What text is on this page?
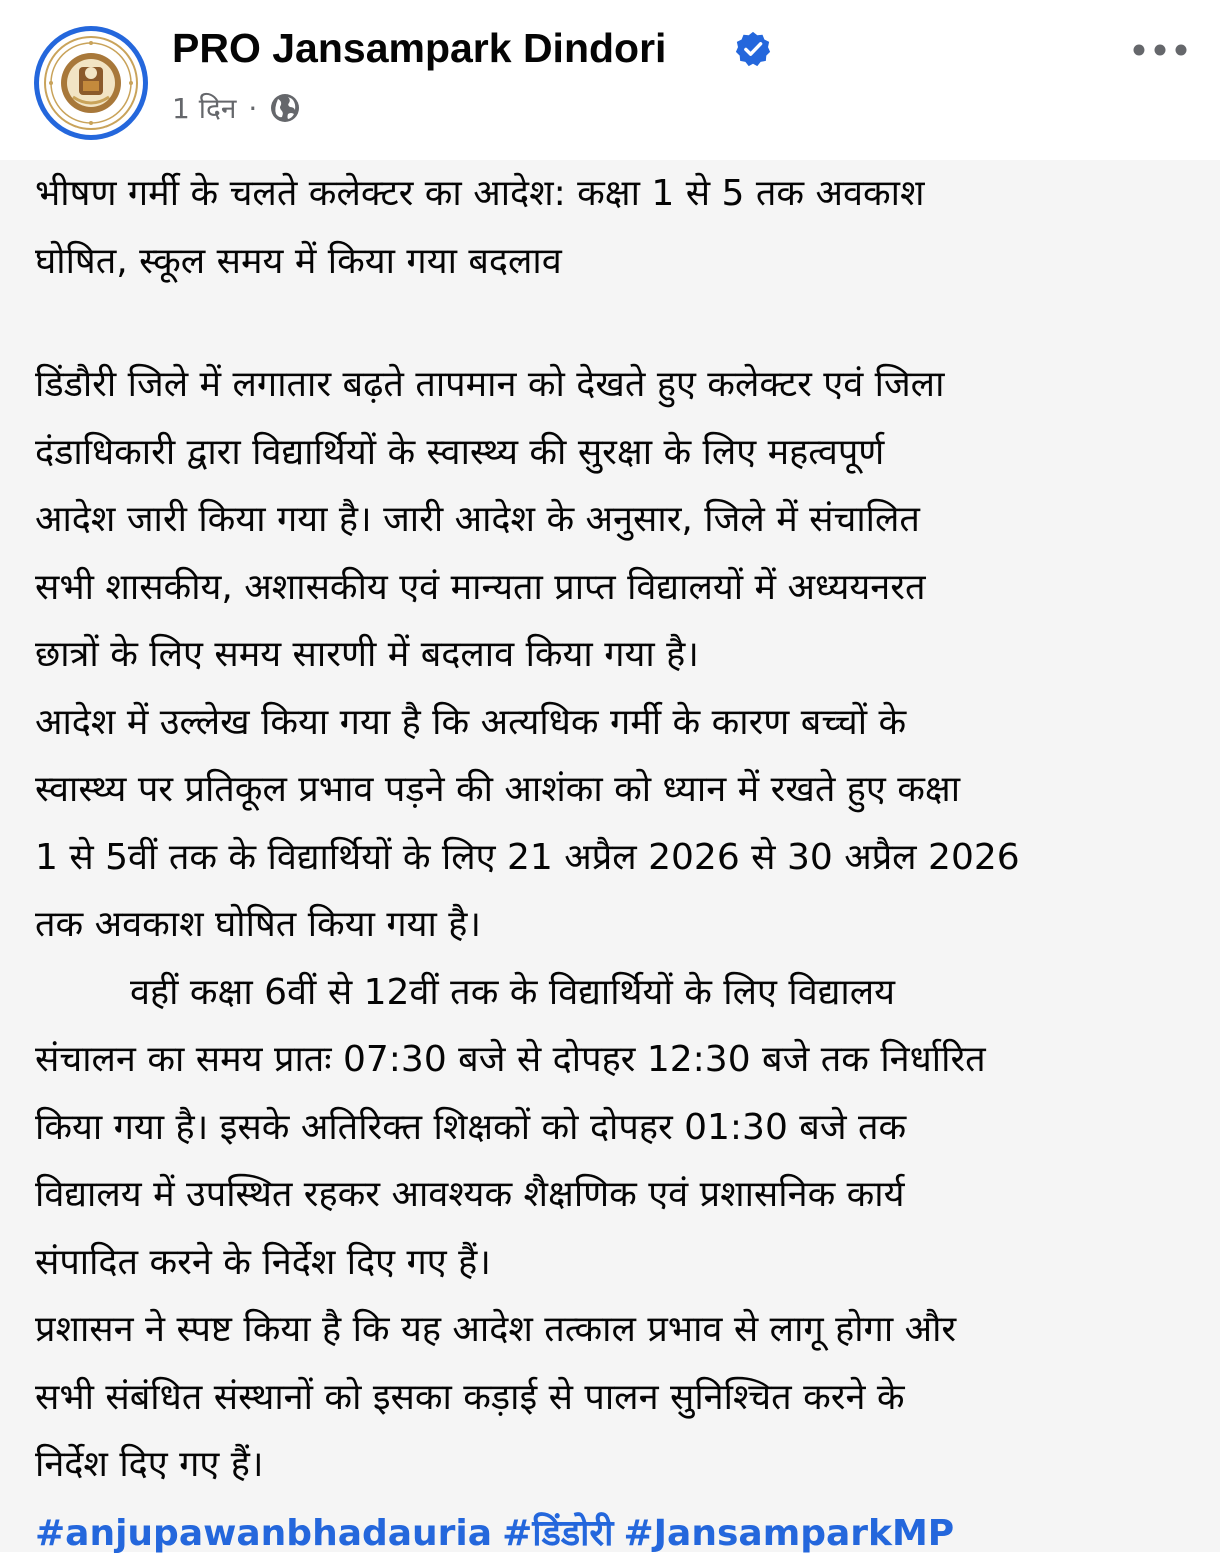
PRO Jansampark Dindori
1 दिन ·
भीषण गर्मी के चलते कलेक्टर का आदेश: कक्षा 1 से 5 तक अवकाश
घोषित, स्कूल समय में किया गया बदलाव
डिंडौरी जिले में लगातार बढ़ते तापमान को देखते हुए कलेक्टर एवं जिला
दंडाधिकारी द्वारा विद्यार्थियों के स्वास्थ्य की सुरक्षा के लिए महत्वपूर्ण
आदेश जारी किया गया है। जारी आदेश के अनुसार, जिले में संचालित
सभी शासकीय, अशासकीय एवं मान्यता प्राप्त विद्यालयों में अध्ययनरत
छात्रों के लिए समय सारणी में बदलाव किया गया है।
आदेश में उल्लेख किया गया है कि अत्यधिक गर्मी के कारण बच्चों के
स्वास्थ्य पर प्रतिकूल प्रभाव पड़ने की आशंका को ध्यान में रखते हुए कक्षा
1 से 5वीं तक के विद्यार्थियों के लिए 21 अप्रैल 2026 से 30 अप्रैल 2026
तक अवकाश घोषित किया गया है।
वहीं कक्षा 6वीं से 12वीं तक के विद्यार्थियों के लिए विद्यालय
संचालन का समय प्रातः 07:30 बजे से दोपहर 12:30 बजे तक निर्धारित
किया गया है। इसके अतिरिक्त शिक्षकों को दोपहर 01:30 बजे तक
विद्यालय में उपस्थित रहकर आवश्यक शैक्षणिक एवं प्रशासनिक कार्य
संपादित करने के निर्देश दिए गए हैं।
प्रशासन ने स्पष्ट किया है कि यह आदेश तत्काल प्रभाव से लागू होगा और
सभी संबंधित संस्थानों को इसका कड़ाई से पालन सुनिश्चित करने के
निर्देश दिए गए हैं।
#anjupawanbhadauria #डिंडोरी #JansamparkMP
